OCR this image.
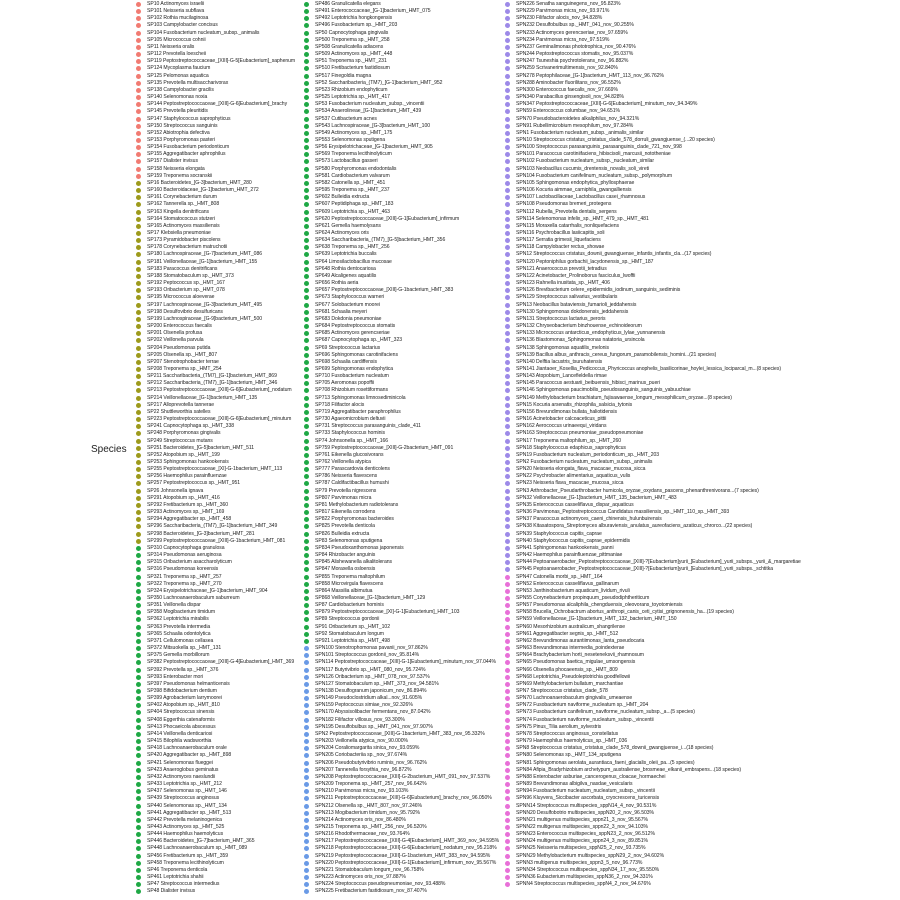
Species
SP10 Actinomyces israelii
SP101 Neisseria subflava
SP102 Rothia mucilaginosa
SP103 Campylobacter concisus
SP104 Fusobacterium nucleatum_subsp._animalis
SP105 Micrococcus cohnii
SP11 Neisseria oralis
SP112 Prevotella loescheii
SP119 Peptostreptococcaceae_[XIII]-G-5[Eubacterium]_saphenum
SP124 Mycoplasma faucium
SP125 Pelomonas aquatica
SP135 Prevotella multisaccharivorax
SP138 Campylobacter gracilis
SP140 Selenomonas noxia
SP144 Peptostreptococcaceae_[XIII]-G-6[Eubacterium]_brachy
SP145 Prevotella pleuritidis
SP147 Staphylococcus saprophyticus
SP150 Streptococcus sanguinis
SP152 Abiotrophia defectiva
SP153 Porphyromonas pasteri
SP154 Fusobacterium periodonticum
SP155 Aggregatibacter aphrophilus
SP157 Dialister invisus
SP158 Neisseria elongata
SP159 Treponema socranskii
SP16 Bacteroidetes_[G-3]bacterium_HMT_280
SP160 Bacteroidaceae_[G-1]bacterium_HMT_272
SP161 Corynebacterium durum
SP162 Tannerella sp._HMT_808
SP163 Kingella denitrificans
SP164 Stomatococcus stutzeri
SP165 Actinomyces massiliensis
SP17 Klebsiella pneumoniae
SP173 Pyramidobacter piscolens
SP178 Corynebacterium matruchotii
SP180 Lachnospiraceae_[G-7]bacterium_HMT_086
SP181 Veillonellaceae_[G-1]bacterium_HMT_155
SP183 Paracoccus denitrificans
SP188 Stomatobaculum sp._HMT_373
SP192 Peptococcus sp._HMT_167
SP193 Oribacterium sp._HMT_078
SP195 Micrococcus aloeverae
SP197 Lachnospiraceae_[G-3]bacterium_HMT_495
SP198 Desulfovibrio desulfuricans
SP199 Lachnospiraceae_[G-9]bacterium_HMT_500
SP200 Enterococcus faecalis
SP201 Olsenella profusa
SP202 Veillonella parvula
SP204 Pseudomonas putida
SP205 Olsenella sp._HMT_807
SP207 Stenotrophobacter terrae
SP208 Treponema sp._HMT_254
SP211 Saccharibacteria_(TM7)_[G-1]bacterium_HMT_869
SP212 Saccharibacteria_(TM7)_[G-1]bacterium_HMT_346
SP213 Peptostreptococcaceae_[XIII]-G-6[Eubacterium]_nodatum
SP214 Veillonellaceae_[G-1]bacterium_HMT_135
SP217 Alloprevotella tannerae
SP22 Shuttleworthia satelles
SP223 Peptostreptococcaceae_[XIII]-G-6[Eubacterium]_minutum
SP241 Capnocytophaga sp._HMT_338
SP248 Porphyromonas gingivalis
SP249 Streptococcus mutans
SP251 Bacteroidetes_[G-5]bacterium_HMT_511
SP252 Atopobium sp._HMT_199
SP253 Sphingomonas hankookensis
SP255 Peptostreptococcaceae_[XI]-G-1bacterium_HMT_113
SP256 Haemophilus parainfluenzae
SP257 Peptostreptococcus sp._HMT_951
SP26 Johnsonella ignava
SP291 Atopobium sp._HMT_416
SP292 Fretibacterium sp._HMT_360
SP293 Actinomyces sp._HMT_169
SP294 Aggregatibacter sp._HMT_458
SP296 Saccharibacteria_(TM7)_[G-1]bacterium_HMT_349
SP298 Bacteroidetes_[G-3]bacterium_HMT_281
SP299 Peptostreptococcaceae_[XIII]-G-1bacterium_HMT_081
SP310 Capnocytophaga granulosa
SP314 Pseudomonas aeruginosa
SP315 Oribacterium asaccharolyticum
SP316 Pseudomonas koreensis
SP321 Treponema sp._HMT_257
SP322 Treponema sp._HMT_270
SP324 Erysipelotrichaceae_[G-1]bacterium_HMT_904
SP350 Lachnoanaerobaculum saburreum
SP351 Veillonella dispar
SP358 Mogibacterium timidum
SP362 Leptotrichia mirabilis
SP363 Prevotella intermedia
SP365 Schaalia odontolytica
SP371 Cellulomonas cellasea
SP372 Mitsuokella sp._HMT_131
SP375 Gemella morbillorum
SP382 Peptostreptococcaceae_[XIII]-G-4[Eubacterium]_HMT_369
SP392 Prevotella sp._HMT_376
SP393 Enterobacter mori
SP397 Pseudomonas helmanticensis
SP398 Bifidobacterium dentium
SP399 Agrobacterium larrymoorei
SP402 Atopobium sp._HMT_810
SP404 Streptococcus sinensis
SP408 Eggerthia catenaformis
SP413 Phocaeicola abscessus
SP414 Veillonella denticariosi
SP415 Bilophila wadsworthia
SP418 Lachnoanaerobaculum orale
SP420 Aggregatibacter sp._HMT_898
SP421 Selenomonas flueggei
SP423 Anaeroglobus geminatus
SP432 Actinomyces naeslundii
SP433 Leptotrichia sp._HMT_212
SP437 Selenomonas sp._HMT_146
SP439 Streptococcus anginosus
SP440 Selenomonas sp._HMT_134
SP441 Aggregatibacter sp._HMT_513
SP442 Prevotella melaninogenica
SP443 Actinomyces sp._HMT_525
SP444 Haemophilus haemolyticus
SP446 Bacteroidetes_[G-7]bacterium_HMT_365
SP448 Lachnoanaerobaculum sp._HMT_089
SP456 Fretibacterium sp._HMT_359
SP458 Treponema lecithinolyticum
SP46 Treponema denticola
SP461 Leptotrichia shahii
SP47 Streptococcus intermedius
SP48 Dialister invisus
SP486 Granulicatella elegans
SP491 Enterococcaceae_[G-1]bacterium_HMT_075
SP492 Leptotrichia hongkongensis
SP496 Fusobacterium sp._HMT_203
SP50 Capnocytophaga gingivalis
SP500 Treponema sp._HMT_258
SP508 Granulicatella adiacens
SP509 Actinomyces sp._HMT_448
SP51 Treponema sp._HMT_231
SP510 Fretibacterium fastidiosum
SP517 Finegoldia magna
SP52 Saccharibacteria_(TM7)_[G-1]bacterium_HMT_952
SP523 Rhizobium endophyticum
SP525 Leptotrichia sp._HMT_417
SP53 Fusobacterium nucleatum_subsp._vincentii
SP534 Anaerolineae_[G-1]bacterium_HMT_439
SP537 Cutibacterium acnes
SP543 Lachnospiraceae_[G-3]bacterium_HMT_100
SP549 Actinomyces sp._HMT_175
SP553 Selenomonas sputigena
SP56 Erysipelotrichaceae_[G-1]bacterium_HMT_905
SP569 Treponema lecithinolyticum
SP573 Lactobacillus gasseri
SP580 Porphyromonas endodontalis
SP581 Cardiobacterium valvarum
SP582 Catonella sp._HMT_451
SP595 Treponema sp._HMT_237
SP602 Bulleidia extructa
SP607 Peptidiphaga sp._HMT_183
SP609 Leptotrichia sp._HMT_463
SP620 Peptostreptococcaceae_[XIII]-G-1[Eubacterium]_infirmum
SP621 Gemella haemolysans
SP624 Actinomyces oris
SP634 Saccharibacteria_(TM7)_[G-5]bacterium_HMT_356
SP638 Treponema sp._HMT_256
SP639 Leptotrichia buccalis
SP64 Limosilactobacillus mucosae
SP648 Rothia dentocariosa
SP649 Alcaligenes aquatilis
SP656 Rothia aeria
SP657 Peptostreptococcaceae_[XIII]-G-1bacterium_HMT_383
SP673 Staphylococcus warneri
SP677 Solobacterium moorei
SP681 Schaalia meyeri
SP683 Dokdonia pneumoniae
SP684 Peptostreptococcus stomatis
SP685 Actinomyces gerencseriae
SP687 Capnocytophaga sp._HMT_323
SP69 Streptococcus lactarius
SP696 Sphingomonas carotinifaciens
SP698 Schaalia cardiffensis
SP699 Sphingomonas endophytica
SP710 Fusobacterium nucleatum
SP705 Aeromonas popoffii
SP708 Rhizobium rosettiformans
SP713 Sphingomonas limnosediminicola
SP718 Filifactor alocis
SP719 Aggregatibacter paraphrophilus
SP730 Agaeomicrobium deltuvii
SP731 Streptococcus parasanguinis_clade_411
SP733 Staphylococcus hominis
SP74 Johnsonella sp._HMT_166
SP759 Peptostreptococcaceae_[XIII]-G-2bacterium_HMT_091
SP761 Eikenella glucosivorans
SP762 Veillonella atypica
SP777 Parascardovia denticolens
SP786 Neisseria flavescens
SP787 Caldifactibacillus humushi
SP79 Prevotella nigrescens
SP807 Parvimonas micra
SP81 Methylobacterium radiotolerans
SP817 Eikenella corrodens
SP822 Porphyromonas bacteroides
SP825 Prevotella denticola
SP826 Bulleidia extructa
SP83 Selenomonas sputigena
SP834 Pseudoxanthomonas japonensis
SP84 Rhizobacter anguinis
SP845 Alishewanella alkalitolerans
SP847 Moraxella osloensis
SP855 Treponema maltophilum
SP858 Microvirgula flavescens
SP864 Massilia albimutua
SP868 Veillonellaceae_[G-1]bacterium_HMT_129
SP87 Cardiobacterium hominis
SP879 Peptostreptococcaceae_[XI]-G-1[Eubacterium]_HMT_103
SP89 Streptococcus gordonii
SP91 Oribacterium sp._HMT_102
SP92 Stomatobaculum longum
SP921 Leptotrichia sp._HMT_498
SPN100 Stenotrophomonas pavanii_nov_97.862%
SPN101 Streptococcus gordonii_nov_95.814%
SPN114 Peptostreptococcaceae_[XIII]-G-1[Eubacterium]_minutum_nov_97.044%
SPN117 Butyrivibrio sp._HMT_080_nov_95.724%
SPN126 Oribacterium sp._HMT_078_nov_97.537%
SPN127 Stomatobaculum sp._HMT_373_nov_94.581%
SPN138 Desulfogranum japonicum_nov_86.894%
SPN149 Pseudoclostridium alkal...nov_91.605%
SPN159 Peptococcus simiae_nov_92.326%
SPN170 Abyssisolibacter fermentans_nov_87.042%
SPN182 Filifactor villosus_nov_93.300%
SPN195 Desulfobulbus sp._HMT_041_nov_97.907%
SPN2 Peptostreptococcaceae_[XIII]-G-1bacterium_HMT_383_nov_95.332%
SPN203 Veillonella atypica_nov_90.000%
SPN204 Coraliomargarita sinica_nov_93.059%
SPN205 Coriobacteriia sp._nov_97.674%
SPN206 Pseudobutyrivibrio ruminis_nov_96.762%
SPN207 Tannerella forsythia_nov_96.872%
SPN208 Peptostreptococcaceae_[XIII]-G-2bacterium_HMT_091_nov_97.537%
SPN209 Treponema sp._HMT_257_nov_96.642%
SPN210 Parvimonas micra_nov_93.103%
SPN211 Peptostreptococcaceae_[XIII]-G-6[Eubacterium]_brachy_nov_96.050%
SPN212 Olsenella sp._HMT_807_nov_97.246%
SPN213 Mogibacterium timidum_nov_95.792%
SPN214 Actinomyces oris_nov_86.480%
SPN215 Treponema sp._HMT_256_nov_96.520%
SPN216 Rhodothermaceae_nov_93.764%
SPN217 Peptostreptococcaceae_[XIII]-G-4[Eubacterium]_HMT_369_nov_94.595%
SPN218 Peptostreptococcaceae_[XIII]-G-6[Eubacterium]_nodatum_nov_95.218%
SPN219 Peptostreptococcaceae_[XIII]-G-1bacterium_HMT_383_nov_94.595%
SPN220 Peptostreptococcaceae_[XIII]-G-1[Eubacterium]_infirmum_nov_95.567%
SPN221 Stomatobaculum longum_nov_96.758%
SPN223 Actinomyces oris_nov_97.887%
SPN224 Streptococcus pseudopneumoniae_nov_93.488%
SPN225 Fretibacterium fastidiosum_nov_87.407%
SPN226 Senatha sanguinegens_nov_95.823%
SPN229 Parvimonas micra_nov_93.971%
SPN230 Filifactor alocis_nov_94.828%
SPN232 Desulfobulbus sp._HMT_041_nov_90.255%
SPN233 Actinomyces gerencseriae_nov_97.659%
SPN234 Parvimonas micra_nov_97.519%
SPN237 Geminalimonas phototrophica_nov_90.476%
SPN244 Peptostreptococcus stomatis_nov_95.037%
SPN247 Tsuneshia psychrotolerans_nov_96.882%
SPN259 Scrivanerimultimensis_nov_92.840%
SPN278 Peptophilaceae_[G-1]bacterium_HMT_113_nov_96.762%
SPN288 Aminobacter fluorilitans_nov_96.552%
SPN300 Enterococcus faecalis_nov_97.669%
SPN340 Parabacillus ginsengisoli_nov_94.828%
SPN347 Peptostreptococcaceae_[XIII]-G-6[Eubacterium]_minutum_nov_94.349%
SPN59 Enterococcus columbae_nov_94.651%
SPN70 Pseudobacteroidetes alkaliphilus_nov_94.321%
SPN91 Rubellimicrobium mesophilum_nov_97.284%
SPN1 Fusobacterium nucleatum_subsp._animalis_similar
SPN10 Streptococcus cristatus_cristatus_clade_578_dorruli_gwangjuense_(...20 species)
SPN100 Streptococcus parasanguinis_parasanguinis_clade_721_nov_998
SPN101 Paracoccus carotiniifaciens_hibiscisoli_marcusii_nototheniae
SPN102 Fusobacterium nucleatum_subsp._nucleatum_similar
SPN103 Neobacillus cucumis_drentensis_novalis_soli_vireti
SPN104 Fusobacterium canifelinum_nucleatum_subsp._polymorphum
SPN105 Sphingomonas endophytica_phyllosphaerae
SPN106 Kocuria aimmae_carniphila_gwangalliensis
SPN107 Lactobacillaceae_Lactobacillus casei_rhamnosus
SPN108 Pseudomonas bremeri_protegens
SPN112 Rubella_Prevotella dentalis_sergens
SPN114 Selenomonas infelix_sp._HMT_479_sp._HMT_481
SPN115 Moraxella catarrhalis_nonliquefaciens
SPN116 Psychrobacillus lasiicapitis_soli
SPN117 Serratia grimesii_liquefaciens
SPN118 Campylobacter rectus_showae
SPN12 Streptococcus cristatus_downii_gwangjuense_infantis_infantis_cla...(17 species)
SPN120 Peptoniphilus gorbachii_lacydonensis_sp._HMT_187
SPN121 Anaerococcus prevotii_tetradius
SPN122 Acinetobacter_Prolinoborus fasciculus_lwoffii
SPN123 Rahnella inusitata_sp._HMT_406
SPN126 Brevibacterium celere_epidermidis_iodinum_sanguinis_sediminis
SPN129 Streptococcus salivarius_vestibularis
SPN13 Neobacillus bataviensis_fumarioli_jeddahensis
SPN130 Sphingomonas dokdonensis_jeddahensis
SPN131 Streptococcus lactarius_peroris
SPN132 Chryseobacterium binzhouense_echinoideorum
SPN133 Micrococcus antarcticus_endophyticus_lylae_yunnanensis
SPN136 Blastomonas_Sphingomonas natatoria_ursincola
SPN138 Sphingomonas aquatilis_melonis
SPN139 Bacillus albus_anthracis_cereus_fungorum_paramobilensis_homini...(21 species)
SPN140 Delftia lacustris_tsuruhatensis
SPN141 Jiantaoer_Kosellia_Pedicoccus_Phyricoccus anophelis_basilicorinae_hoylei_lessica_lociparcal_m...(8 species)
SPN143 Atopobium_Lancefieldella rimae
SPN145 Paracoccus aestuarii_beibuensis_hibisci_marinus_pueri
SPN146 Sphingomonas paucimobilis_pseudosanguinis_sanguinis_yabuuchiae
SPN149 Methylobacterium brachiatum_fujisawaense_longum_mesophilicum_oryzae...(8 species)
SPN15 Kocuria arsenatis_rhizophila_salsicia_tytonis
SPN156 Brevundimonas bullata_haliotidensis
SPN16 Acinetobacter calcoaceticus_pittii
SPN162 Aerococcus urinaeequi_viridans
SPN163 Streptococcus pneumoniae_pseudopneumoniae
SPN17 Treponema maltophilum_sp._HMT_260
SPN18 Staphylococcus edaphicus_saprophyticus
SPN19 Fusobacterium nucleatum_periodonticum_sp._HMT_203
SPN2 Fusobacterium nucleatum_nucleatum_subsp._animalis
SPN20 Neisseria elongata_flava_macacae_mucosa_sicca
SPN22 Psychrobacter alimentarius_aquaticus_vulis
SPN23 Neisseria flava_macacae_mucosa_sicca
SPN3 Arthrobacter_Pseudarthrobacter humicola_oryzae_oxydans_pascens_phenanthrenivorans...(7 species)
SPN32 Veillonellaceae_[G-1]bacterium_HMT_135_bacterium_HMT_483
SPN35 Enterococcus casseliflavus_dispar_aquaticus
SPN36 Parvimonas_Peptostreptococcus Candidatus massiliensis_sp._HMT_110_sp._HMT_393
SPN37 Paracoccus actinomyces_caeni_chinensis_hulunbuirensis
SPN38 Kitasatospora_Streptomyces alburaviensis_anulatus_aureofaciens_azaticus_chrorco...(22 species)
SPN39 Staphylococcus capitis_caprae
SPN40 Staphylococcus capitis_caprae_epidermidis
SPN41 Sphingomonas hankookensis_panni
SPN42 Haemophilus parainfluenzae_pittmaniae
SPN44 Peptoanaerobacter_Peptostreptococcaceae_[XIII]-?[Eubacterium]yurii_[Eubacterium]_yurii_subsps._yurii_&_margaretiae
SPN45 Peptoanaerobacter_Peptostreptococcaceae_[XIII]-?[Eubacterium]yurii_[Eubacterium]_yurii_subsps._schtitka
SPN47 Catonella morbi_sp._HMT_164
SPN52 Enterococcus casseliflavus_gallinarum
SPN53 Janthinobacterium aquaticum_lividum_rivuli
SPN55 Corynebacterium propinquum_pseudodiphtheriticum
SPN57 Pseudomonas alcaliphila_chengduensis_oleovorans_toyotomiensis
SPN58 Brucella_Ochrobactrum abortus_anthropi_canis_ceti_cytisi_grignonensis_ha...(19 species)
SPN59 Veillonellaceae_[G-1]bacterium_HMT_132_bacterium_HMT_150
SPN60 Mesorhizobium australicum_shangrilense
SPN61 Aggregatibacter segnis_sp._HMT_512
SPN62 Brevundimonas aurantiimonas_lanta_pseudocaria
SPN63 Brevundimonas intermedia_poindexterae
SPN64 Brachybacterium horti_neseteneksvii_rhamnosum
SPN65 Pseudomonas baetica_migulae_umsongensis
SPN66 Olsenella phocaeensis_sp._HMT_809
SPN68 Leptotrichia_Pseudoleptotrichia goodfellowii
SPN69 Methylobacterium bullatum_marchantiae
SPN7 Streptococcus cristatus_clade_578
SPN70 Lachnoanaerobaculum gingivalis_umeaense
SPN72 Fusobacterium naviforme_nucleatum sp._HMT_204
SPN73 Fusobacterium canifelinum_naviforme_nucleatum_subsp._a...(5 species)
SPN74 Fusobacterium naviforme_nucleatum_subsp._vincentii
SPN75 Pinus_Tilia aerolium_sylvestris
SPN78 Streptococcus anginosus_constellatus
SPN79 Haemophilus haemolyticus_sp._HMT_036
SPN8 Streptococcus cristatus_cristatus_clade_578_downii_gwangjuense_i...(18 species)
SPN80 Selenomonas sp._HMT_134_sputigena
SPN81 Sphingomonas aerolata_aurantiaca_faeni_glacialis_oleii_pa...(5 species)
SPN84 Afipia_Bradyrhizobium archetypum_australiense_brosmeae_elkanii_embrapens...(18 species)
SPN88 Enterobacter asburiae_cancerogenus_cloacae_hormaechei
SPN89 Brevundimonas albigilva_nasdae_vesicularis
SPN94 Fusobacterium nucleatum_nucleatum_subsp._vincentii
SPN96 Kluyvera_Siccibacter ascorbata_cryocrescens_turicensis
SPNN14 Streptococcus multispecies_sppN14_4_nov_90.531%
SPNN20 Desulfobotrio multispecies_sppN20_2_nov_96.503%
SPNN21 multigenus multispecies_sppn21_3_nov_95.567%
SPNN22 multigenus multispecies_sppn22_3_nov_94.103%
SPNN23 Enterococcus multispecies_sppN23_2_nov_96.512%
SPNN24 multigenus multispecies_sppn24_3_nov_89.851%
SPNN25 Neisseria multispecies_sppN25_2_nov_93.735%
SPNN29 Methylobacterium multispecies_sppN29_2_nov_94.602%
SPNN3 multigenus multispecies_sppn3_5_nov_96.773%
SPNN34 Streptococcus multispecies_sppN34_17_nov_95.550%
SPNN36 Eubacterium multispecies_sppN36_2_nov_94.331%
SPNN4 Streptococcus multispecies_sppN4_2_nov_94.676%
